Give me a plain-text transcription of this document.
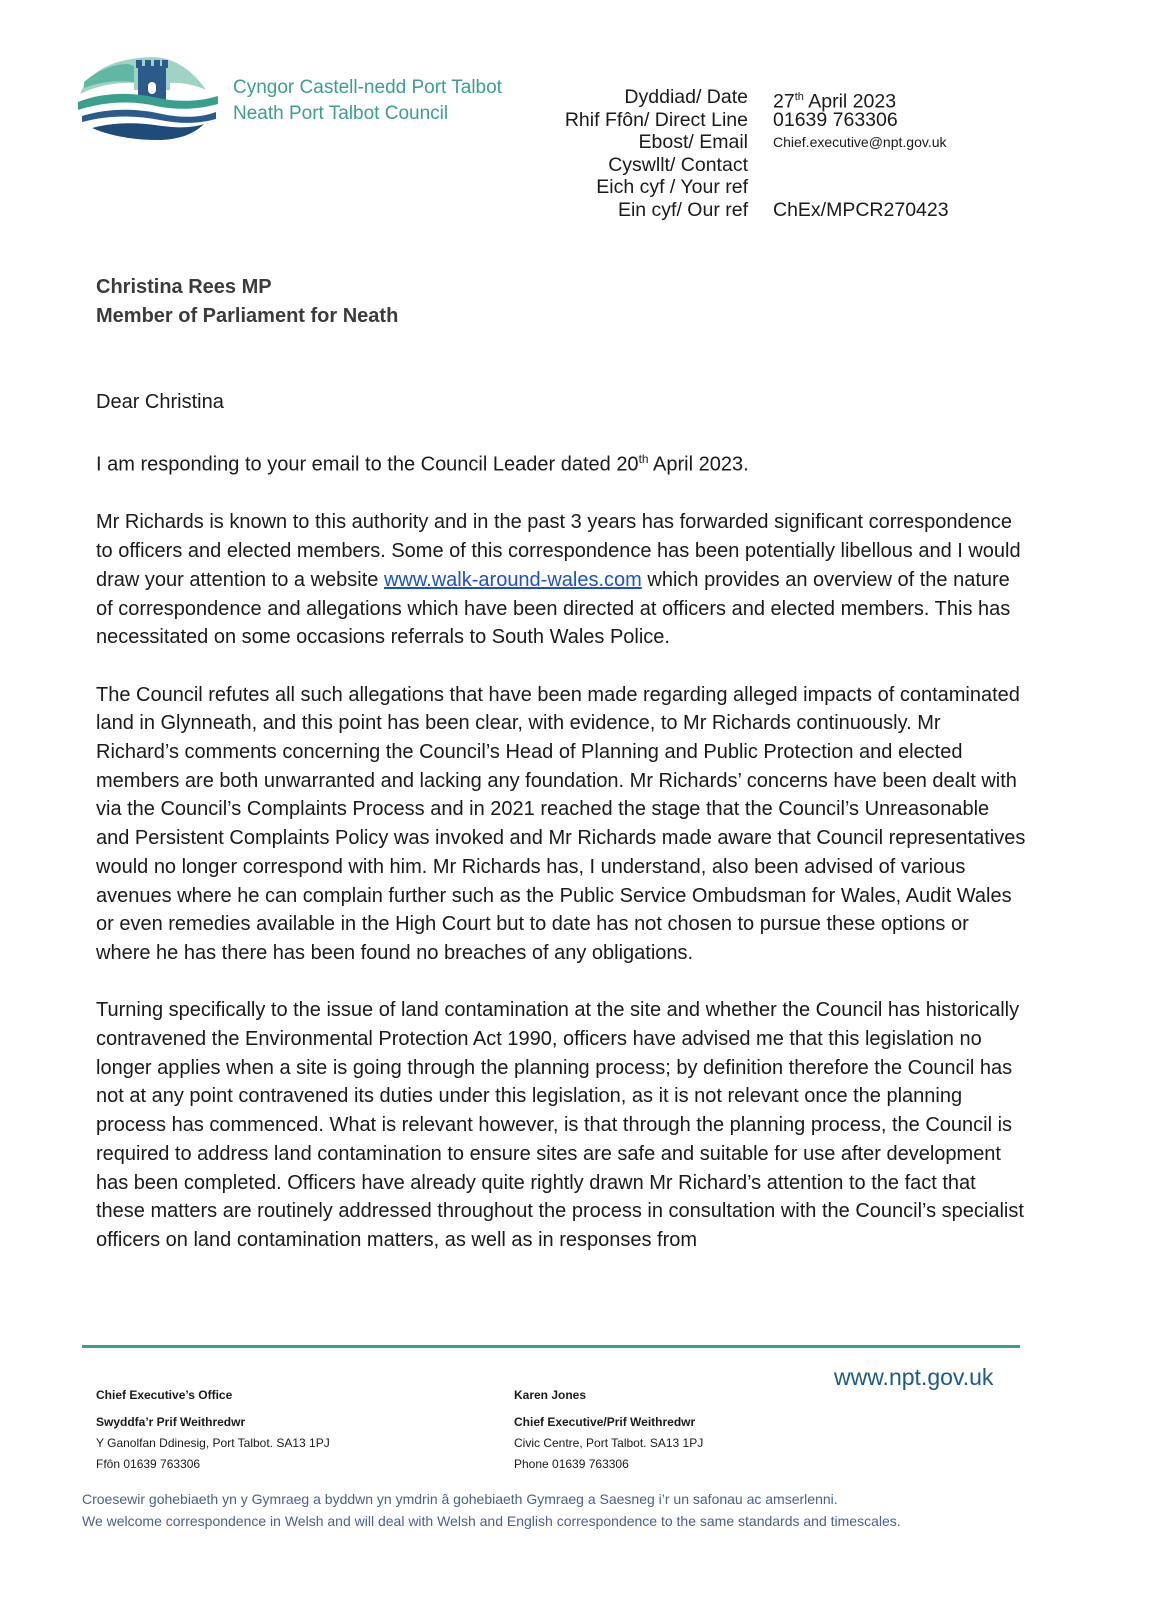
Cyngor Castell-nedd Port Talbot
Neath Port Talbot Council
Dyddiad/ Date	27th April 2023
Rhif Ffôn/ Direct Line	01639 763306
Ebost/ Email	Chief.executive@npt.gov.uk
Cyswllt/ Contact
Eich cyf / Your ref
Ein cyf/ Our ref	ChEx/MPCR270423
Christina Rees MP
Member of Parliament for Neath

Dear Christina

I am responding to your email to the Council Leader dated 20th April 2023.

Mr Richards is known to this authority and in the past 3 years has forwarded significant correspondence to officers and elected members. Some of this correspondence has been potentially libellous and I would draw your attention to a website www.walk-around-wales.com which provides an overview of the nature of correspondence and allegations which have been directed at officers and elected members. This has necessitated on some occasions referrals to South Wales Police.

The Council refutes all such allegations that have been made regarding alleged impacts of contaminated land in Glynneath, and this point has been clear, with evidence, to Mr Richards continuously. Mr Richard’s comments concerning the Council’s Head of Planning and Public Protection and elected members are both unwarranted and lacking any foundation. Mr Richards’ concerns have been dealt with via the Council’s Complaints Process and in 2021 reached the stage that the Council’s Unreasonable and Persistent Complaints Policy was invoked and Mr Richards made aware that Council representatives would no longer correspond with him. Mr Richards has, I understand, also been advised of various avenues where he can complain further such as the Public Service Ombudsman for Wales, Audit Wales or even remedies available in the High Court but to date has not chosen to pursue these options or where he has there has been found no breaches of any obligations.

Turning specifically to the issue of land contamination at the site and whether the Council has historically contravened the Environmental Protection Act 1990, officers have advised me that this legislation no longer applies when a site is going through the planning process; by definition therefore the Council has not at any point contravened its duties under this legislation, as it is not relevant once the planning process has commenced. What is relevant however, is that through the planning process, the Council is required to address land contamination to ensure sites are safe and suitable for use after development has been completed. Officers have already quite rightly drawn Mr Richard’s attention to the fact that these matters are routinely addressed throughout the process in consultation with the Council’s specialist officers on land contamination matters, as well as in responses from

www.npt.gov.uk
Chief Executive’s Office
Swyddfa’r Prif Weithredwr
Y Ganolfan Ddinesig, Port Talbot. SA13 1PJ
Ffôn 01639 763306
Karen Jones
Chief Executive/Prif Weithredwr
Civic Centre, Port Talbot. SA13 1PJ
Phone 01639 763306
Croesewir gohebiaeth yn y Gymraeg a byddwn yn ymdrin â gohebiaeth Gymraeg a Saesneg i’r un safonau ac amserlenni.
We welcome correspondence in Welsh and will deal with Welsh and English correspondence to the same standards and timescales.
